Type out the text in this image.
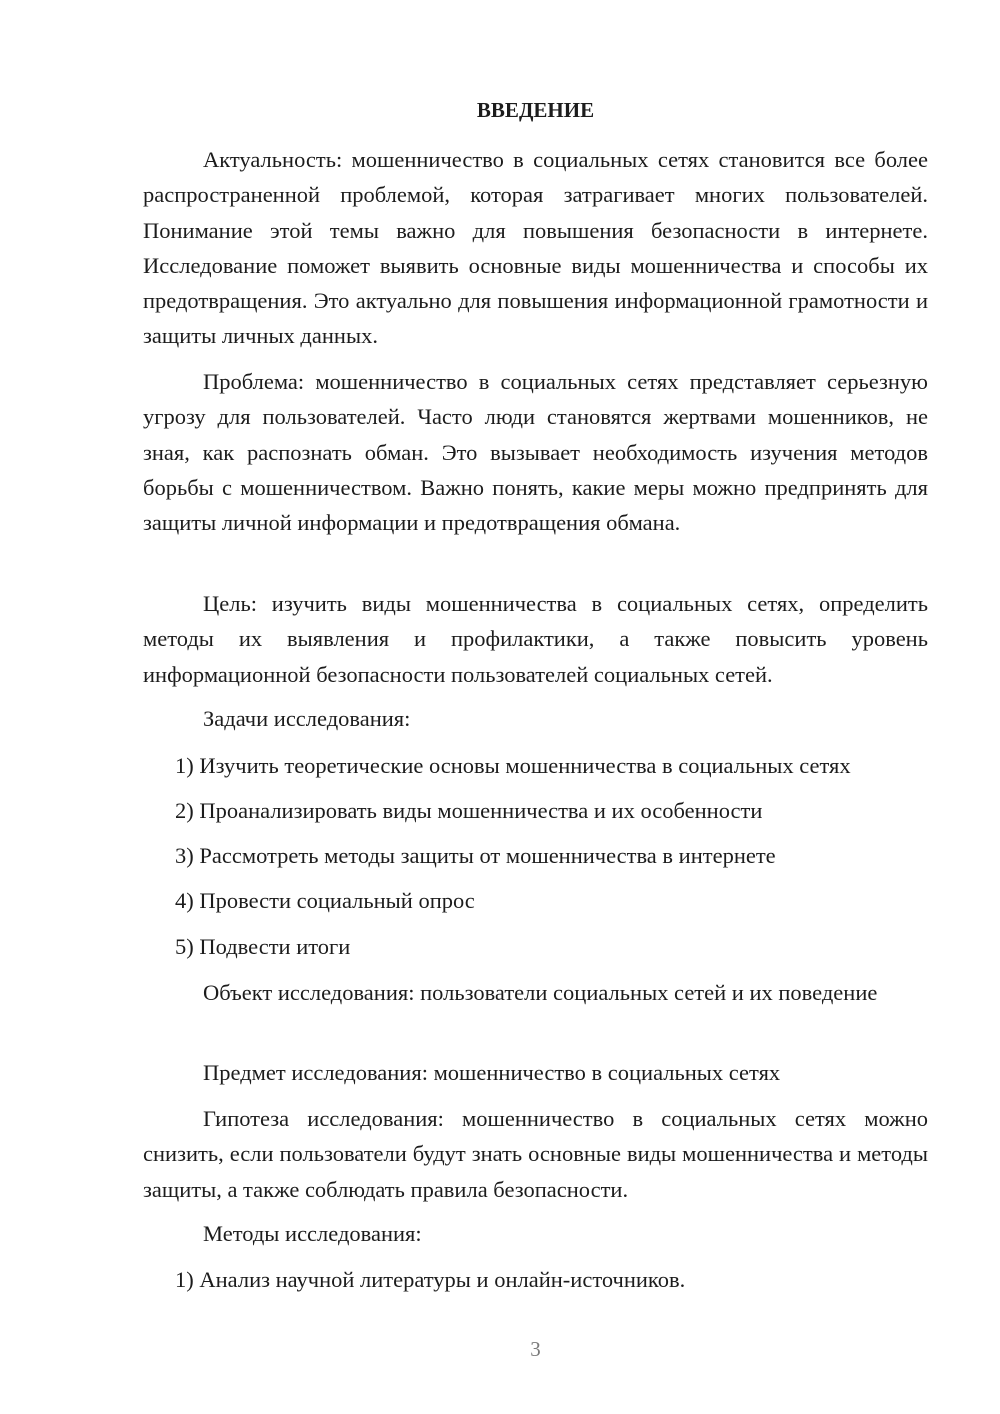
ВВЕДЕНИЕ

Актуальность: мошенничество в социальных сетях становится все более распространенной проблемой, которая затрагивает многих пользователей. Понимание этой темы важно для повышения безопасности в интернете. Исследование поможет выявить основные виды мошенничества и способы их предотвращения. Это актуально для повышения информационной грамотности и защиты личных данных.

Проблема: мошенничество в социальных сетях представляет серьезную угрозу для пользователей. Часто люди становятся жертвами мошенников, не зная, как распознать обман. Это вызывает необходимость изучения методов борьбы с мошенничеством. Важно понять, какие меры можно предпринять для защиты личной информации и предотвращения обмана.

Цель: изучить виды мошенничества в социальных сетях, определить методы их выявления и профилактики, а также повысить уровень информационной безопасности пользователей социальных сетей.

Задачи исследования:

1) Изучить теоретические основы мошенничества в социальных сетях

2) Проанализировать виды мошенничества и их особенности

3) Рассмотреть методы защиты от мошенничества в интернете

4) Провести социальный опрос

5) Подвести итоги

Объект исследования: пользователи социальных сетей и их поведение

Предмет исследования: мошенничество в социальных сетях

Гипотеза исследования: мошенничество в социальных сетях можно снизить, если пользователи будут знать основные виды мошенничества и методы защиты, а также соблюдать правила безопасности.

Методы исследования:

1) Анализ научной литературы и онлайн-источников.

3
